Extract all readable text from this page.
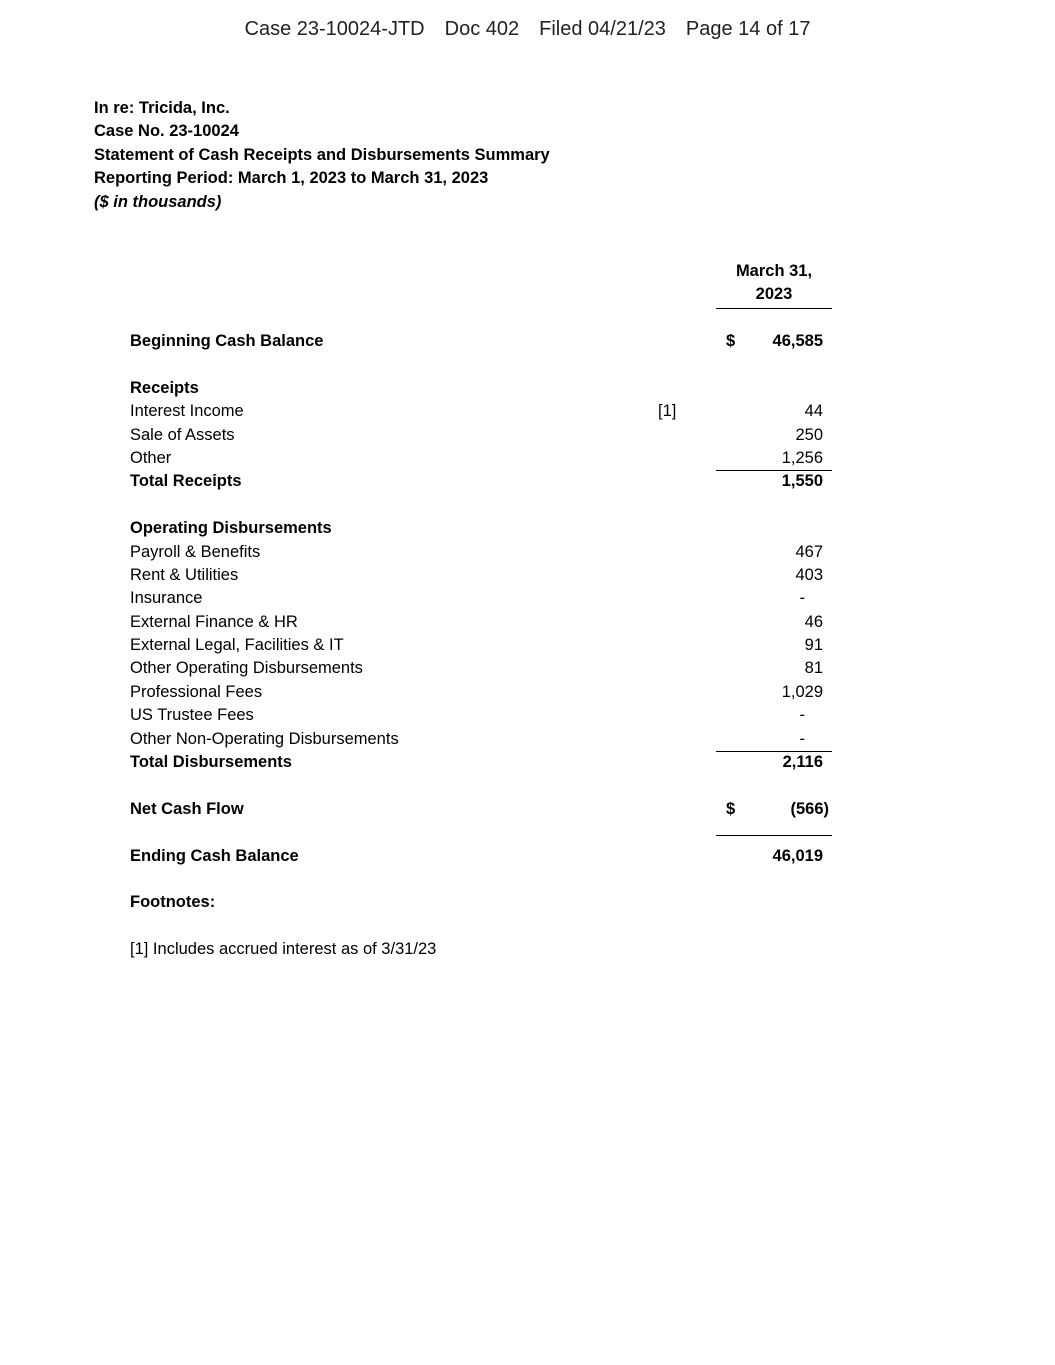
Case 23-10024-JTD Doc 402 Filed 04/21/23 Page 14 of 17
In re: Tricida, Inc.
Case No. 23-10024
Statement of Cash Receipts and Disbursements Summary
Reporting Period: March 1, 2023 to March 31, 2023
($ in thousands)
March 31,
2023
Beginning Cash Balance	$	46,585
Receipts
Interest Income	[1]	44
Sale of Assets	250
Other	1,256
Total Receipts	1,550
Operating Disbursements
Payroll & Benefits	467
Rent & Utilities	403
Insurance	-
External Finance & HR	46
External Legal, Facilities & IT	91
Other Operating Disbursements	81
Professional Fees	1,029
US Trustee Fees	-
Other Non-Operating Disbursements	-
Total Disbursements	2,116
Net Cash Flow	$	(566)
Ending Cash Balance	46,019
Footnotes:
[1] Includes accrued interest as of 3/31/23
